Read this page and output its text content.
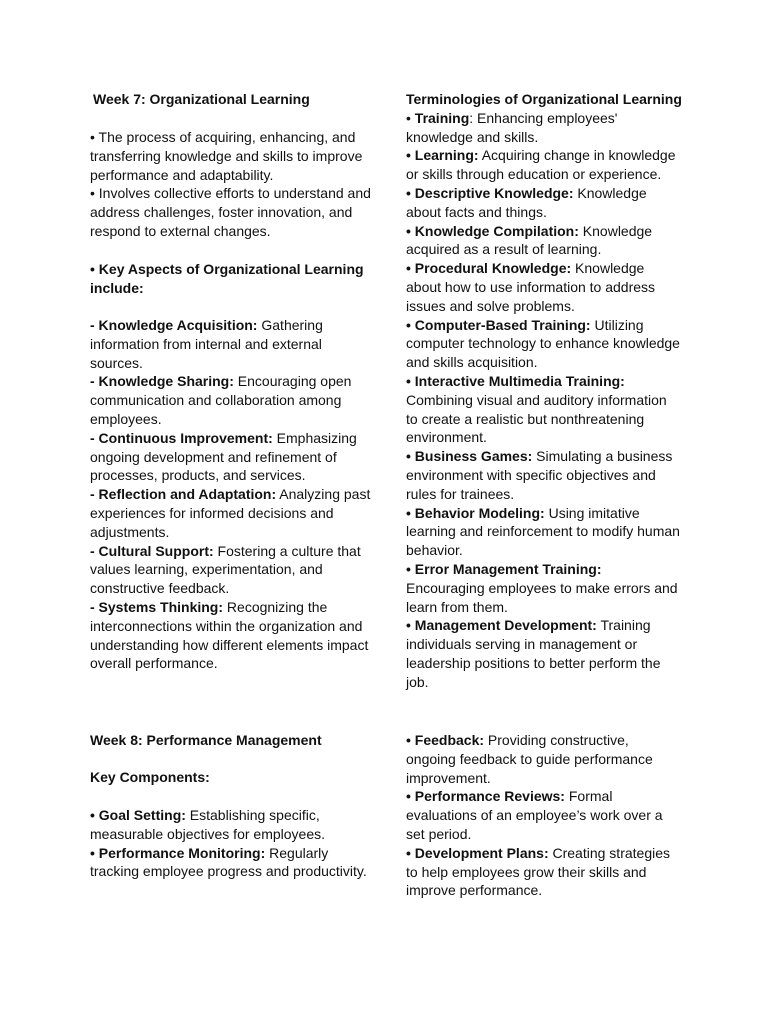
Week 7: Organizational Learning

• The process of acquiring, enhancing, and transferring knowledge and skills to improve performance and adaptability.

• Involves collective efforts to understand and address challenges, foster innovation, and respond to external changes.

• Key Aspects of Organizational Learning include:

- Knowledge Acquisition: Gathering information from internal and external sources.

- Knowledge Sharing: Encouraging open communication and collaboration among employees.

- Continuous Improvement: Emphasizing ongoing development and refinement of processes, products, and services.

- Reflection and Adaptation: Analyzing past experiences for informed decisions and adjustments.

- Cultural Support: Fostering a culture that values learning, experimentation, and constructive feedback.

- Systems Thinking: Recognizing the interconnections within the organization and understanding how different elements impact overall performance.

Week 8: Performance Management

Key Components:

• Goal Setting: Establishing specific, measurable objectives for employees.

• Performance Monitoring: Regularly tracking employee progress and productivity.

Terminologies of Organizational Learning

• Training: Enhancing employees' knowledge and skills.

• Learning: Acquiring change in knowledge or skills through education or experience.

• Descriptive Knowledge: Knowledge about facts and things.

• Knowledge Compilation: Knowledge acquired as a result of learning.

• Procedural Knowledge: Knowledge about how to use information to address issues and solve problems.

• Computer-Based Training: Utilizing computer technology to enhance knowledge and skills acquisition.

• Interactive Multimedia Training: Combining visual and auditory information to create a realistic but nonthreatening environment.

• Business Games: Simulating a business environment with specific objectives and rules for trainees.

• Behavior Modeling: Using imitative learning and reinforcement to modify human behavior.

• Error Management Training: Encouraging employees to make errors and learn from them.

• Management Development: Training individuals serving in management or leadership positions to better perform the job.

• Feedback: Providing constructive, ongoing feedback to guide performance improvement.

• Performance Reviews: Formal evaluations of an employee’s work over a set period.

• Development Plans: Creating strategies to help employees grow their skills and improve performance.
